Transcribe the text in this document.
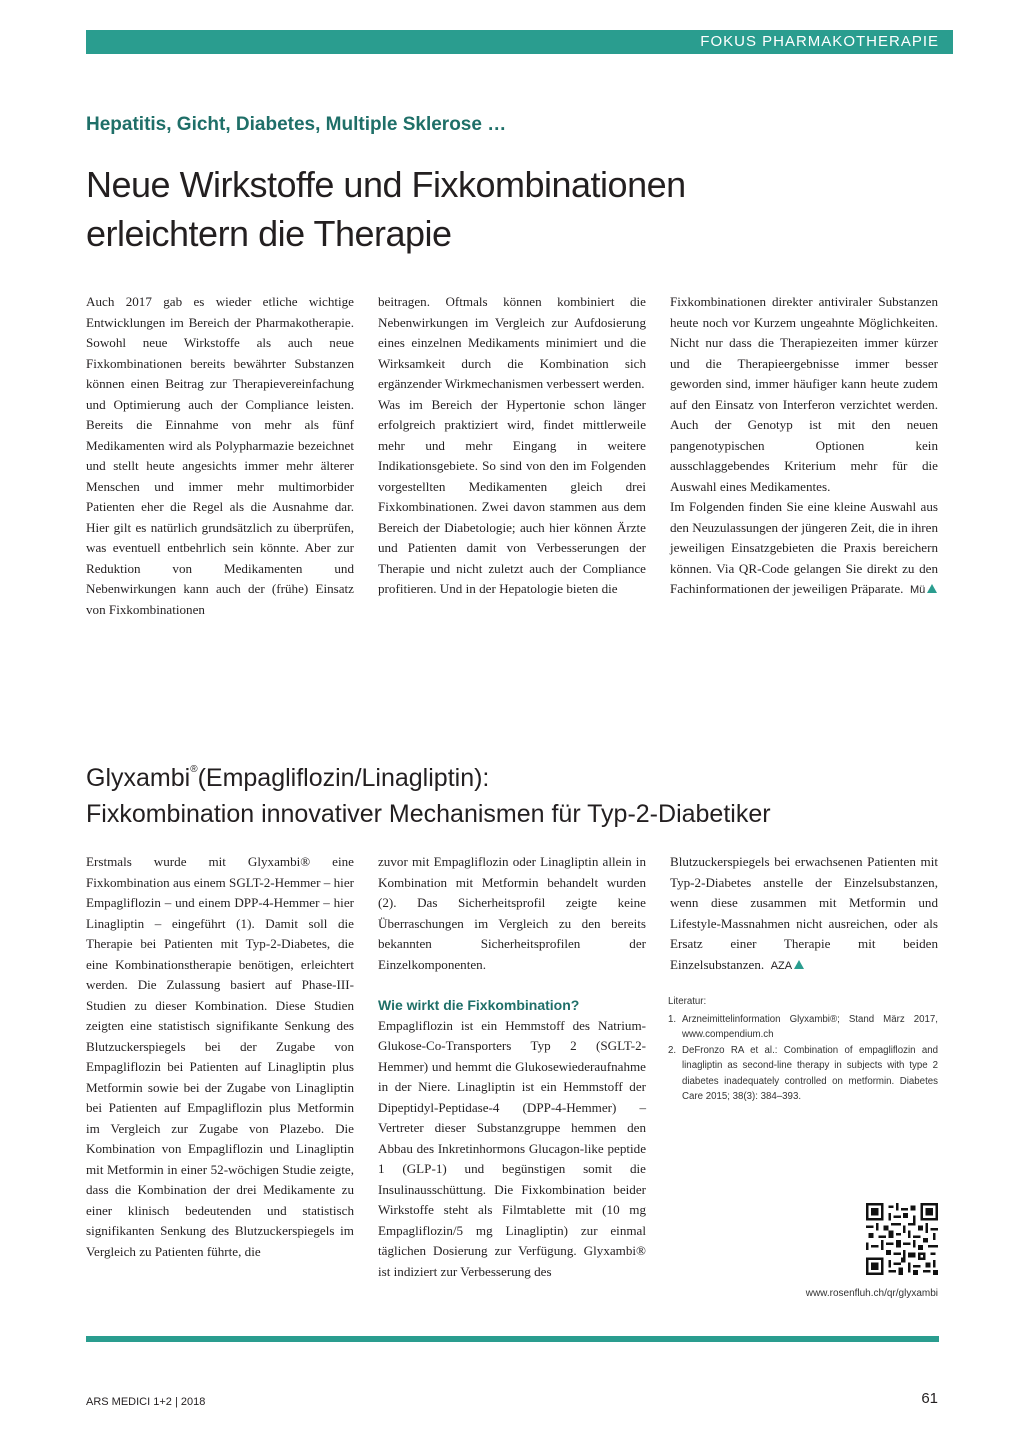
FOKUS PHARMAKOTHERAPIE
Hepatitis, Gicht, Diabetes, Multiple Sklerose …
Neue Wirkstoffe und Fixkombinationen
erleichtern die Therapie

Auch 2017 gab es wieder etliche wichtige Entwicklungen im Bereich der Pharmakotherapie. Sowohl neue Wirkstoffe als auch neue Fixkombinationen bereits bewährter Substanzen können einen Beitrag zur Therapievereinfachung und Optimierung auch der Compliance leisten. Bereits die Einnahme von mehr als fünf Medikamenten wird als Polypharmazie bezeichnet und stellt heute angesichts immer mehr älterer Menschen und immer mehr multimorbider Patienten eher die Regel als die Ausnahme dar. Hier gilt es natürlich grundsätzlich zu überprüfen, was eventuell entbehrlich sein könnte. Aber zur Reduktion von Medikamenten und Nebenwirkungen kann auch der (frühe) Einsatz von Fixkombinationen

beitragen. Oftmals können kombiniert die Nebenwirkungen im Vergleich zur Aufdosierung eines einzelnen Medikaments minimiert und die Wirksamkeit durch die Kombination sich ergänzender Wirkmechanismen verbessert werden.

Was im Bereich der Hypertonie schon länger erfolgreich praktiziert wird, findet mittlerweile mehr und mehr Eingang in weitere Indikationsgebiete. So sind von den im Folgenden vorgestellten Medikamenten gleich drei Fixkombinationen. Zwei davon stammen aus dem Bereich der Diabetologie; auch hier können Ärzte und Patienten damit von Verbesserungen der Therapie und nicht zuletzt auch der Compliance profitieren. Und in der Hepatologie bieten die

Fixkombinationen direkter antiviraler Substanzen heute noch vor Kurzem ungeahnte Möglichkeiten. Nicht nur dass die Therapiezeiten immer kürzer und die Therapieergebnisse immer besser geworden sind, immer häufiger kann heute zudem auf den Einsatz von Interferon verzichtet werden. Auch der Genotyp ist mit den neuen pangenotypischen Optionen kein ausschlaggebendes Kriterium mehr für die Auswahl eines Medikamentes.

Im Folgenden finden Sie eine kleine Auswahl aus den Neuzulassungen der jüngeren Zeit, die in ihren jeweiligen Einsatzgebieten die Praxis bereichern können. Via QR-Code gelangen Sie direkt zu den Fachinformationen der jeweiligen Präparate. Mü

Glyxambi®(Empagliflozin/Linagliptin):
Fixkombination innovativer Mechanismen für Typ-2-Diabetiker

Erstmals wurde mit Glyxambi® eine Fixkombination aus einem SGLT-2-Hemmer – hier Empagliflozin – und einem DPP-4-Hemmer – hier Linagliptin – eingeführt (1). Damit soll die Therapie bei Patienten mit Typ-2-Diabetes, die eine Kombinationstherapie benötigen, erleichtert werden. Die Zulassung basiert auf Phase-III-Studien zu dieser Kombination. Diese Studien zeigten eine statistisch signifikante Senkung des Blutzuckerspiegels bei der Zugabe von Empagliflozin bei Patienten auf Linagliptin plus Metformin sowie bei der Zugabe von Linagliptin bei Patienten auf Empagliflozin plus Metformin im Vergleich zur Zugabe von Plazebo. Die Kombination von Empagliflozin und Linagliptin mit Metformin in einer 52-wöchigen Studie zeigte, dass die Kombination der drei Medikamente zu einer klinisch bedeutenden und statistisch signifikanten Senkung des Blutzuckerspiegels im Vergleich zu Patienten führte, die

zuvor mit Empagliflozin oder Linagliptin allein in Kombination mit Metformin behandelt wurden (2). Das Sicherheitsprofil zeigte keine Überraschungen im Vergleich zu den bereits bekannten Sicherheitsprofilen der Einzelkomponenten.

Wie wirkt die Fixkombination?

Empagliflozin ist ein Hemmstoff des Natrium-Glukose-Co-Transporters Typ 2 (SGLT-2-Hemmer) und hemmt die Glukosewiederaufnahme in der Niere. Linagliptin ist ein Hemmstoff der Dipeptidyl-Peptidase-4 (DPP-4-Hemmer) – Vertreter dieser Substanzgruppe hemmen den Abbau des Inkretinhormons Glucagon-like peptide 1 (GLP-1) und begünstigen somit die Insulinausschüttung. Die Fixkombination beider Wirkstoffe steht als Filmtablette mit (10 mg Empagliflozin/5 mg Linagliptin) zur einmal täglichen Dosierung zur Verfügung. Glyxambi® ist indiziert zur Verbesserung des

Blutzuckerspiegels bei erwachsenen Patienten mit Typ-2-Diabetes anstelle der Einzelsubstanzen, wenn diese zusammen mit Metformin und Lifestyle-Massnahmen nicht ausreichen, oder als Ersatz einer Therapie mit beiden Einzelsubstanzen. AZA

Literatur:

1. Arzneimittelinformation Glyxambi®; Stand März 2017, www.compendium.ch
2. DeFronzo RA et al.: Combination of empagliflozin and linagliptin as second-line therapy in subjects with type 2 diabetes inadequately controlled on metformin. Diabetes Care 2015; 38(3): 384–393.
www.rosenfluh.ch/qr/glyxambi
ARS MEDICI 1+2 | 2018	61
